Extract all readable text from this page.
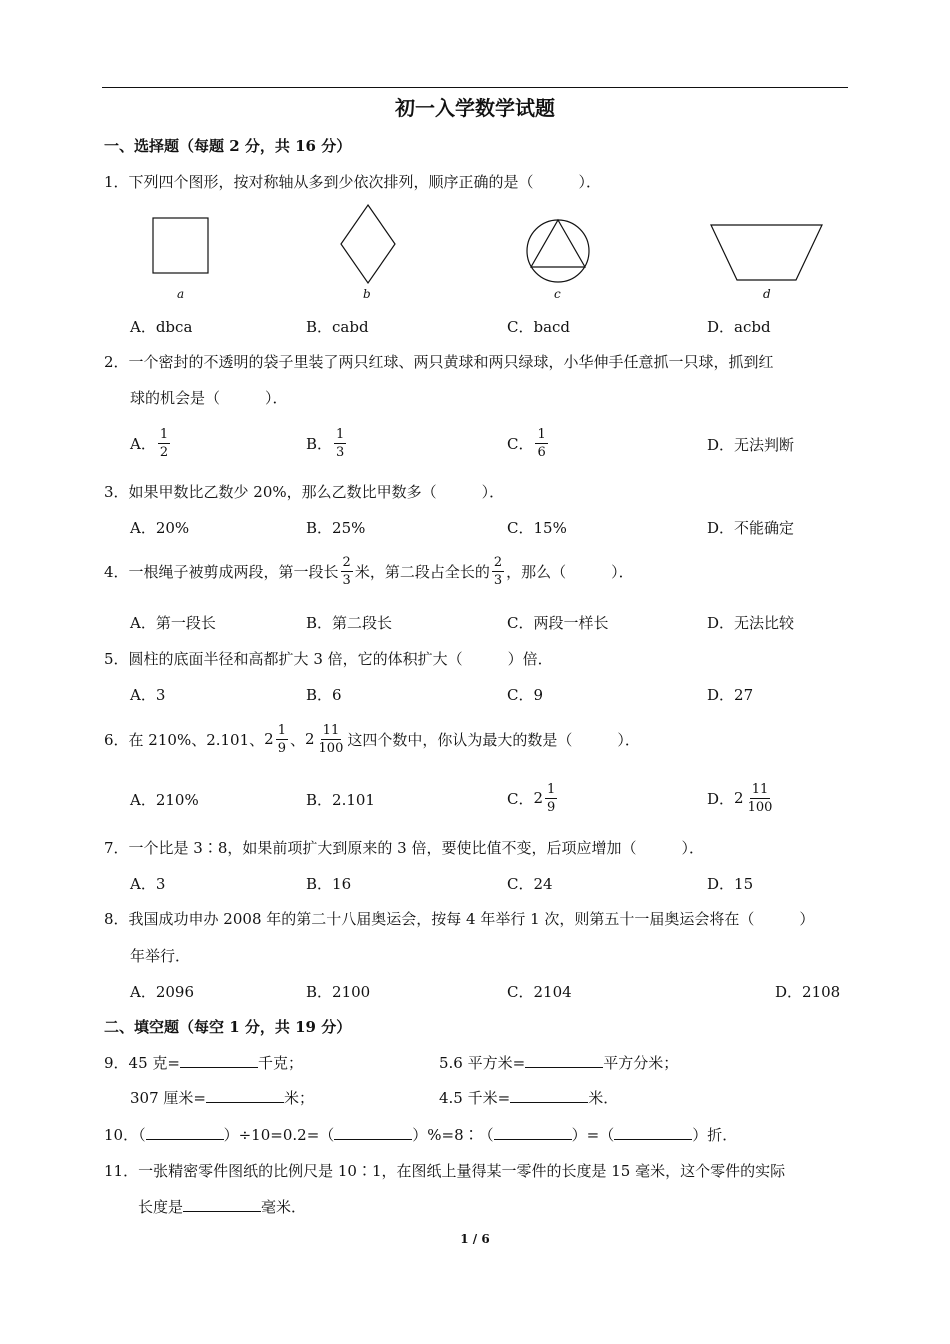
初一入学数学试题
一、选择题（每题 2 分，共 16 分）
1．下列四个图形，按对称轴从多到少依次排列，顺序正确的是（　　　）．
a	b	c	d
A．dbca	B．cabd	C．bacd	D．acbd
2．一个密封的不透明的袋子里装了两只红球、两只黄球和两只绿球，小华伸手任意抓一只球，抓到红
球的机会是（　　　）．
A． $\frac{1}{2}$	B． $\frac{1}{3}$	C． $\frac{1}{6}$	D．无法判断
3．如果甲数比乙数少 20%，那么乙数比甲数多（　　　）．
A．20%	B．25%	C．15%	D．不能确定
4．一根绳子被剪成两段，第一段长 $\frac{2}{3}$ 米，第二段占全长的 $\frac{2}{3}$ ，那么（　　　）．
A．第一段长	B．第二段长	C．两段一样长	D．无法比较
5．圆柱的底面半径和高都扩大 3 倍，它的体积扩大（　　　）倍．
A．3	B．6	C．9	D．27
6．在 210%、2.101、 $2 \frac{1}{9}$ 、 $2 \frac{11}{100}$ 这四个数中，你认为最大的数是（　　　）．
A．210%	B．2.101	C． $2 \frac{1}{9}$	D． $2 \frac{11}{100}$
7．一个比是 3∶8，如果前项扩大到原来的 3 倍，要使比值不变，后项应增加（　　　）．
A．3	B．16	C．24	D．15
8．我国成功申办 2008 年的第二十八届奥运会，按每 4 年举行 1 次，则第五十一届奥运会将在（　　　）
年举行．
A．2096	B．2100	C．2104	D．2108
二、填空题（每空 1 分，共 19 分）
9．45 克=	千克；	5.6 平方米=	平方分米；
307 厘米=	米；	4.5 千米=	米．
10．（	）÷10=0.2=（	）%=8∶（	）=（	）折．
11．一张精密零件图纸的比例尺是 10∶1，在图纸上量得某一零件的长度是 15 毫米，这个零件的实际
长度是	毫米．
1 / 6
